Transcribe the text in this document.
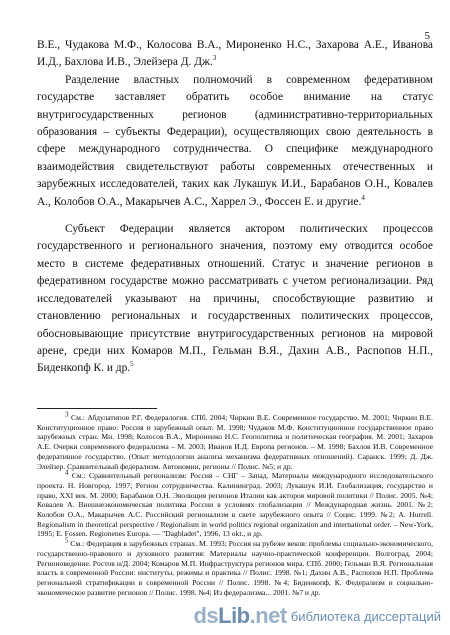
5

В.Е., Чудакова М.Ф., Колосова В.А., Мироненко Н.С., Захарова А.Е., Иванова И.Д., Бахлова И.В., Элейзера Д. Дж.$^3$

Разделение властных полномочий в современном федеративном государстве заставляет обратить особое внимание на статус внутригосударственных регионов (административно-территориальных образования – субъекты Федерации), осуществляющих свою деятельность в сфере международного сотрудничества. О специфике международного взаимодействия свидетельствуют работы современных отечественных и зарубежных исследователей, таких как Лукашук И.И., Барабанов О.Н., Ковалев А., Колобов О.А., Макарычев А.С., Харрел Э., Фоссен Е. и другие.$^4$

Субъект Федерации является актором политических процессов государственного и регионального значения, поэтому ему отводится особое место в системе федеративных отношений. Статус и значение регионов в федеративном государстве можно рассматривать с учетом регионализации. Ряд исследователей указывают на причины, способствующие развитию и становлению региональных и государственных политических процессов, обосновывающие присутствие внутригосударственных регионов на мировой арене, среди них Комаров М.П., Гельман В.Я., Дахин А.В., Распопов Н.П., Биденкопф К. и др.$^5$

$^3$ См.: Абдулатипов Р.Г. Федералогия. СПб. 2004; Чиркин В.Е. Современное государство. М. 2001; Чиркин В.Е. Конституционное право: Россия и зарубежный опыт. М. 1998; Чудаков М.Ф. Конституционное государственное право зарубежных стран. Мн. 1998; Колосов В.А., Мироненко Н.С. Геополитика и политическая география. М. 2001; Захаров А.Е. Очерки современного федерализма – М. 2003; Иванов И.Д. Европа регионов. – М. 1998; Бахлов И.В. Современное федеративное государство. (Опыт методологии анализа механизма федеративных отношений). Саранск. 1999; Д. Дж. Элейзер. Сравнительный федерализм. Автономии, регионы // Полис. №5; и др.

$^4$ См.: Сравнительный регионализм: Россия – СНГ – Запад. Материалы международного исследовательского проекта. Н. Новгород. 1997; Регион сотрудничества. Калининград. 2003; Лукашук И.И. Глобализация, государство и право, XXI век. М. 2000; Барабанов О.Н. Эволюция регионов Италии как акторов мировой политики // Полис. 2005. №4; Ковалев А. Внешнеэкономическая политика России в условиях глобализации // Международная жизнь. 2001. №2; Колобов О.А., Макарычев А.С. Российский регионализм в свете зарубежного опыта // Социс. 1999. №2; A. Hurrell. Regionalism in theoretical perspective / Regionalism in world politics regional organization and international order. – New-York, 1995; Е. Fossen. Regionenes Europa. — "Dagbladet", 1996, 13 okt., и др.

$^5$ См.: Федерация в зарубежных странах. М. 1993; Россия на рубеже веков: проблемы социально-экономического, государственно-правового и духовного развития: Материалы научно-практической конференции. Волгоград. 2004; Регионоведение. Ростов н/Д. 2004; Комаров М.П. Инфраструктура регионов мира. СПб. 2000; Гельман В.Я. Региональная власть в современной России: институты, режимы и практика // Полис. 1998. №1; Дахин А.В., Распопов Н.П. Проблема региональной стратификации в современной России // Полис. 1998. №4; Биденкопф, К. Федерализм и социально-экономическое развитие регионов // Полис. 1998. №4; Из федерализма... 2001. №7 и др.

dsLib.net библиотека диссертаций
